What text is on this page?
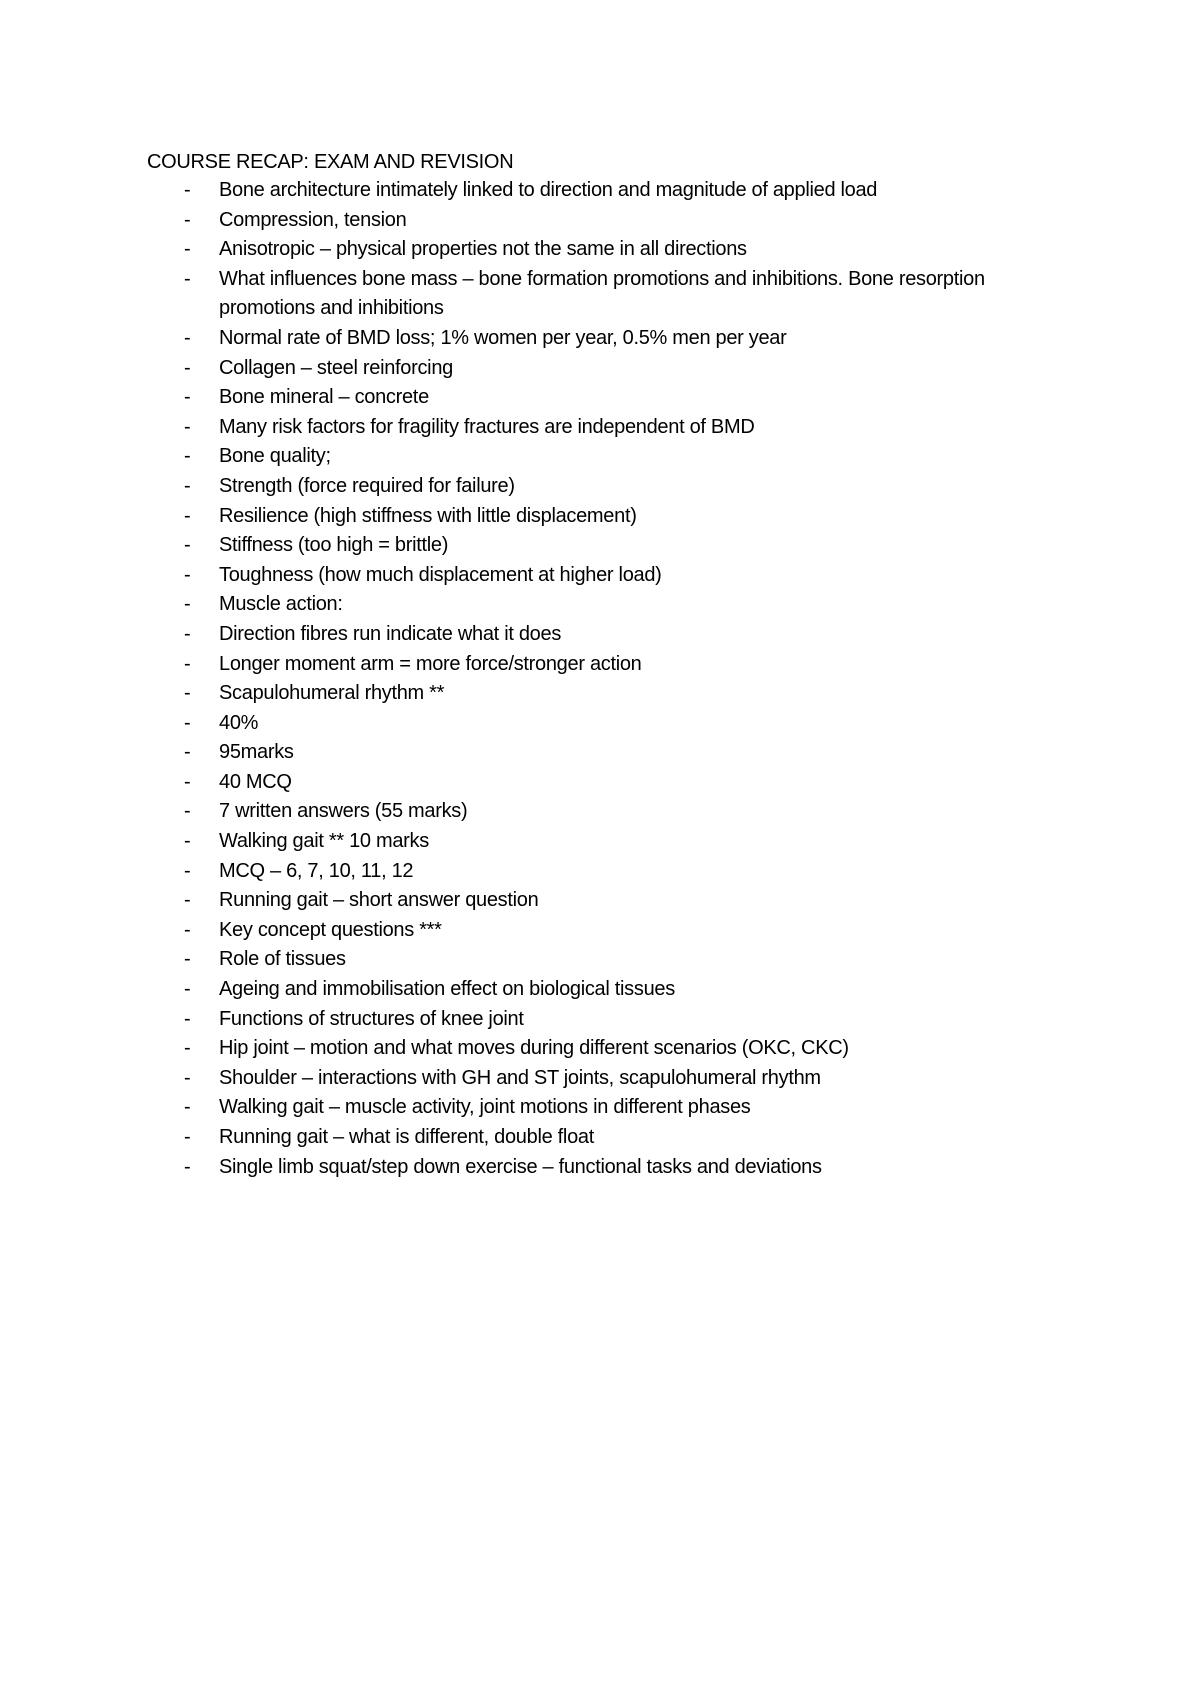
COURSE RECAP: EXAM AND REVISION
- Bone architecture intimately linked to direction and magnitude of applied load
- Compression, tension
- Anisotropic – physical properties not the same in all directions
- What influences bone mass – bone formation promotions and inhibitions. Bone resorption promotions and inhibitions
- Normal rate of BMD loss; 1% women per year, 0.5% men per year
- Collagen – steel reinforcing
- Bone mineral – concrete
- Many risk factors for fragility fractures are independent of BMD
- Bone quality;
- Strength (force required for failure)
- Resilience (high stiffness with little displacement)
- Stiffness (too high = brittle)
- Toughness (how much displacement at higher load)
- Muscle action:
- Direction fibres run indicate what it does
- Longer moment arm = more force/stronger action
- Scapulohumeral rhythm **
- 40%
- 95marks
- 40 MCQ
- 7 written answers (55 marks)
- Walking gait ** 10 marks
- MCQ – 6, 7, 10, 11, 12
- Running gait – short answer question
- Key concept questions ***
- Role of tissues
- Ageing and immobilisation effect on biological tissues
- Functions of structures of knee joint
- Hip joint – motion and what moves during different scenarios (OKC, CKC)
- Shoulder – interactions with GH and ST joints, scapulohumeral rhythm
- Walking gait – muscle activity, joint motions in different phases
- Running gait – what is different, double float
- Single limb squat/step down exercise – functional tasks and deviations
